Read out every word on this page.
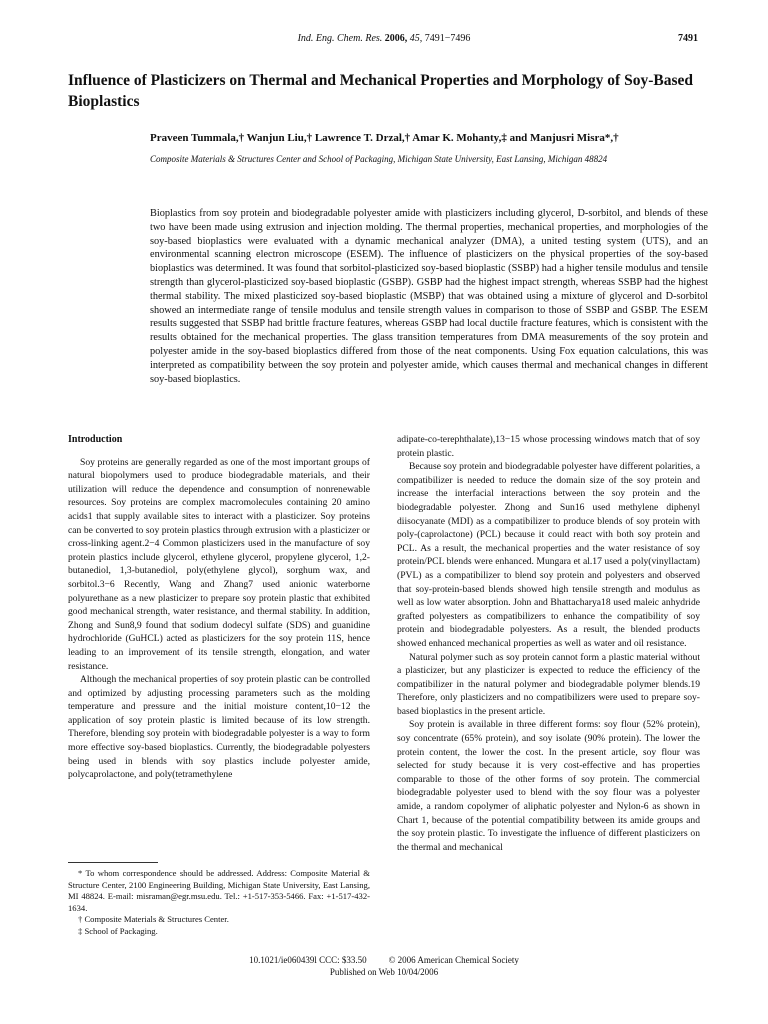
Ind. Eng. Chem. Res. 2006, 45, 7491−7496	7491
Influence of Plasticizers on Thermal and Mechanical Properties and Morphology of Soy-Based Bioplastics
Praveen Tummala,† Wanjun Liu,† Lawrence T. Drzal,† Amar K. Mohanty,‡ and Manjusri Misra*,†
Composite Materials & Structures Center and School of Packaging, Michigan State University, East Lansing, Michigan 48824
Bioplastics from soy protein and biodegradable polyester amide with plasticizers including glycerol, D-sorbitol, and blends of these two have been made using extrusion and injection molding. The thermal properties, mechanical properties, and morphologies of the soy-based bioplastics were evaluated with a dynamic mechanical analyzer (DMA), a united testing system (UTS), and an environmental scanning electron microscope (ESEM). The influence of plasticizers on the physical properties of the soy-based bioplastics was determined. It was found that sorbitol-plasticized soy-based bioplastic (SSBP) had a higher tensile modulus and tensile strength than glycerol-plasticized soy-based bioplastic (GSBP). GSBP had the highest impact strength, whereas SSBP had the highest thermal stability. The mixed plasticized soy-based bioplastic (MSBP) that was obtained using a mixture of glycerol and D-sorbitol showed an intermediate range of tensile modulus and tensile strength values in comparison to those of SSBP and GSBP. The ESEM results suggested that SSBP had brittle fracture features, whereas GSBP had local ductile fracture features, which is consistent with the results obtained for the mechanical properties. The glass transition temperatures from DMA measurements of the soy protein and polyester amide in the soy-based bioplastics differed from those of the neat components. Using Fox equation calculations, this was interpreted as compatibility between the soy protein and polyester amide, which causes thermal and mechanical changes in different soy-based bioplastics.
Introduction

Soy proteins are generally regarded as one of the most important groups of natural biopolymers used to produce biodegradable materials, and their utilization will reduce the dependence and consumption of nonrenewable resources. Soy proteins are complex macromolecules containing 20 amino acids1 that supply available sites to interact with a plasticizer. Soy proteins can be converted to soy protein plastics through extrusion with a plasticizer or cross-linking agent.2−4 Common plasticizers used in the manufacture of soy protein plastics include glycerol, ethylene glycerol, propylene glycerol, 1,2-butanediol, 1,3-butanediol, poly(ethylene glycol), sorghum wax, and sorbitol.3−6 Recently, Wang and Zhang7 used anionic waterborne polyurethane as a new plasticizer to prepare soy protein plastic that exhibited good mechanical strength, water resistance, and thermal stability. In addition, Zhong and Sun8,9 found that sodium dodecyl sulfate (SDS) and guanidine hydrochloride (GuHCL) acted as plasticizers for the soy protein 11S, hence leading to an improvement of its tensile strength, elongation, and water resistance.

Although the mechanical properties of soy protein plastic can be controlled and optimized by adjusting processing parameters such as the molding temperature and pressure and the initial moisture content,10−12 the application of soy protein plastic is limited because of its low strength. Therefore, blending soy protein with biodegradable polyester is a way to form more effective soy-based bioplastics. Currently, the biodegradable polyesters being used in blends with soy plastics include polyester amide, polycaprolactone, and poly(tetramethylene

adipate-co-terephthalate),13−15 whose processing windows match that of soy protein plastic.

Because soy protein and biodegradable polyester have different polarities, a compatibilizer is needed to reduce the domain size of the soy protein and increase the interfacial interactions between the soy protein and the biodegradable polyester. Zhong and Sun16 used methylene diphenyl diisocyanate (MDI) as a compatibilizer to produce blends of soy protein with poly-(caprolactone) (PCL) because it could react with both soy protein and PCL. As a result, the mechanical properties and the water resistance of soy protein/PCL blends were enhanced. Mungara et al.17 used a poly(vinyllactam) (PVL) as a compatibilizer to blend soy protein and polyesters and observed that soy-protein-based blends showed high tensile strength and modulus as well as low water absorption. John and Bhattacharya18 used maleic anhydride grafted polyesters as compatibilizers to enhance the compatibility of soy protein and biodegradable polyesters. As a result, the blended products showed enhanced mechanical properties as well as water and oil resistance.

Natural polymer such as soy protein cannot form a plastic material without a plasticizer, but any plasticizer is expected to reduce the efficiency of the compatibilizer in the natural polymer and biodegradable polymer blends.19 Therefore, only plasticizers and no compatibilizers were used to prepare soy-based bioplastics in the present article.

Soy protein is available in three different forms: soy flour (52% protein), soy concentrate (65% protein), and soy isolate (90% protein). The lower the protein content, the lower the cost. In the present article, soy flour was selected for study because it is very cost-effective and has properties comparable to those of the other forms of soy protein. The commercial biodegradable polyester used to blend with the soy flour was a polyester amide, a random copolymer of aliphatic polyester and Nylon-6 as shown in Chart 1, because of the potential compatibility between its amide groups and the soy protein plastic. To investigate the influence of different plasticizers on the thermal and mechanical

* To whom correspondence should be addressed. Address: Composite Material & Structure Center, 2100 Engineering Building, Michigan State University, East Lansing, MI 48824. E-mail: misraman@egr.msu.edu. Tel.: +1-517-353-5466. Fax: +1-517-432-1634.

† Composite Materials & Structures Center.

‡ School of Packaging.

10.1021/ie060439l CCC: $33.50 © 2006 American Chemical Society
Published on Web 10/04/2006
